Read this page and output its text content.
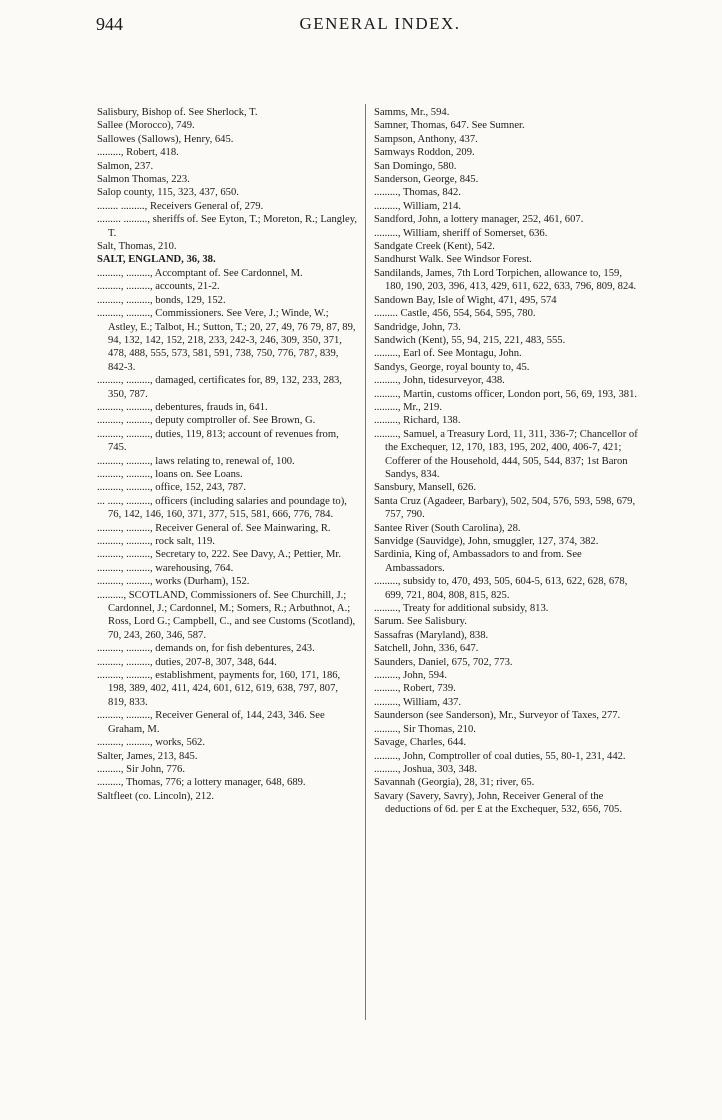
944	GENERAL INDEX.

Salisbury, Bishop of. See Sherlock, T.

Sallee (Morocco), 749.

Sallowes (Sallows), Henry, 645.

........., Robert, 418.

Salmon, 237.

Salmon Thomas, 223.

Salop county, 115, 323, 437, 650.

........ ........., Receivers General of, 279.

......... ........., sheriffs of. See Eyton, T.; Moreton, R.; Langley, T.

Salt, Thomas, 210.

SALT, ENGLAND, 36, 38.

........., ........., Accomptant of. See Cardonnel, M.

........., ........., accounts, 21-2.

........., ........., bonds, 129, 152.

........., ........., Commissioners. See Vere, J.; Winde, W.; Astley, E.; Talbot, H.; Sutton, T.; 20, 27, 49, 76 79, 87, 89, 94, 132, 142, 152, 218, 233, 242-3, 246, 309, 350, 371, 478, 488, 555, 573, 581, 591, 738, 750, 776, 787, 839, 842-3.

........., ........., damaged, certificates for, 89, 132, 233, 283, 350, 787.

........., ........., debentures, frauds in, 641.

........., ........., deputy comptroller of. See Brown, G.

........., ........., duties, 119, 813; account of revenues from, 745.

........., ........., laws relating to, renewal of, 100.

........., ........., loans on. See Loans.

........., ........., office, 152, 243, 787.

... ....., ........., officers (including salaries and poundage to), 76, 142, 146, 160, 371, 377, 515, 581, 666, 776, 784.

........., ........., Receiver General of. See Mainwaring, R.

........., ........., rock salt, 119.

........., ........., Secretary to, 222. See Davy, A.; Pettier, Mr.

........., ........., warehousing, 764.

........., ........., works (Durham), 152.

.........., SCOTLAND, Commissioners of. See Churchill, J.; Cardonnel, J.; Cardonnel, M.; Somers, R.; Arbuthnot, A.; Ross, Lord G.; Campbell, C., and see Customs (Scotland), 70, 243, 260, 346, 587.

........., ........., demands on, for fish debentures, 243.

........., ........., duties, 207-8, 307, 348, 644.

........., ........., establishment, payments for, 160, 171, 186, 198, 389, 402, 411, 424, 601, 612, 619, 638, 797, 807, 819, 833.

........., ........., Receiver General of, 144, 243, 346. See Graham, M.

........., ........., works, 562.

Salter, James, 213, 845.

........., Sir John, 776.

........., Thomas, 776; a lottery manager, 648, 689.

Saltfleet (co. Lincoln), 212.

Samms, Mr., 594.

Samner, Thomas, 647. See Sumner.

Sampson, Anthony, 437.

Samways Roddon, 209.

San Domingo, 580.

Sanderson, George, 845.

........., Thomas, 842.

........., William, 214.

Sandford, John, a lottery manager, 252, 461, 607.

........., William, sheriff of Somerset, 636.

Sandgate Creek (Kent), 542.

Sandhurst Walk. See Windsor Forest.

Sandilands, James, 7th Lord Torpichen, allowance to, 159, 180, 190, 203, 396, 413, 429, 611, 622, 633, 796, 809, 824.

Sandown Bay, Isle of Wight, 471, 495, 574

......... Castle, 456, 554, 564, 595, 780.

Sandridge, John, 73.

Sandwich (Kent), 55, 94, 215, 221, 483, 555.

........., Earl of. See Montagu, John.

Sandys, George, royal bounty to, 45.

........., John, tidesurveyor, 438.

........., Martin, customs officer, London port, 56, 69, 193, 381.

........., Mr., 219.

........., Richard, 138.

........., Samuel, a Treasury Lord, 11, 311, 336-7; Chancellor of the Exchequer, 12, 170, 183, 195, 202, 400, 406-7, 421; Cofferer of the Household, 444, 505, 544, 837; 1st Baron Sandys, 834.

Sansbury, Mansell, 626.

Santa Cruz (Agadeer, Barbary), 502, 504, 576, 593, 598, 679, 757, 790.

Santee River (South Carolina), 28.

Sanvidge (Sauvidge), John, smuggler, 127, 374, 382.

Sardinia, King of, Ambassadors to and from. See Ambassadors.

........., subsidy to, 470, 493, 505, 604-5, 613, 622, 628, 678, 699, 721, 804, 808, 815, 825.

........., Treaty for additional subsidy, 813.

Sarum. See Salisbury.

Sassafras (Maryland), 838.

Satchell, John, 336, 647.

Saunders, Daniel, 675, 702, 773.

........., John, 594.

........., Robert, 739.

........., William, 437.

Saunderson (see Sanderson), Mr., Surveyor of Taxes, 277.

........., Sir Thomas, 210.

Savage, Charles, 644.

........., John, Comptroller of coal duties, 55, 80-1, 231, 442.

........., Joshua, 303, 348.

Savannah (Georgia), 28, 31; river, 65.

Savary (Savery, Savry), John, Receiver General of the deductions of 6d. per £ at the Exchequer, 532, 656, 705.
